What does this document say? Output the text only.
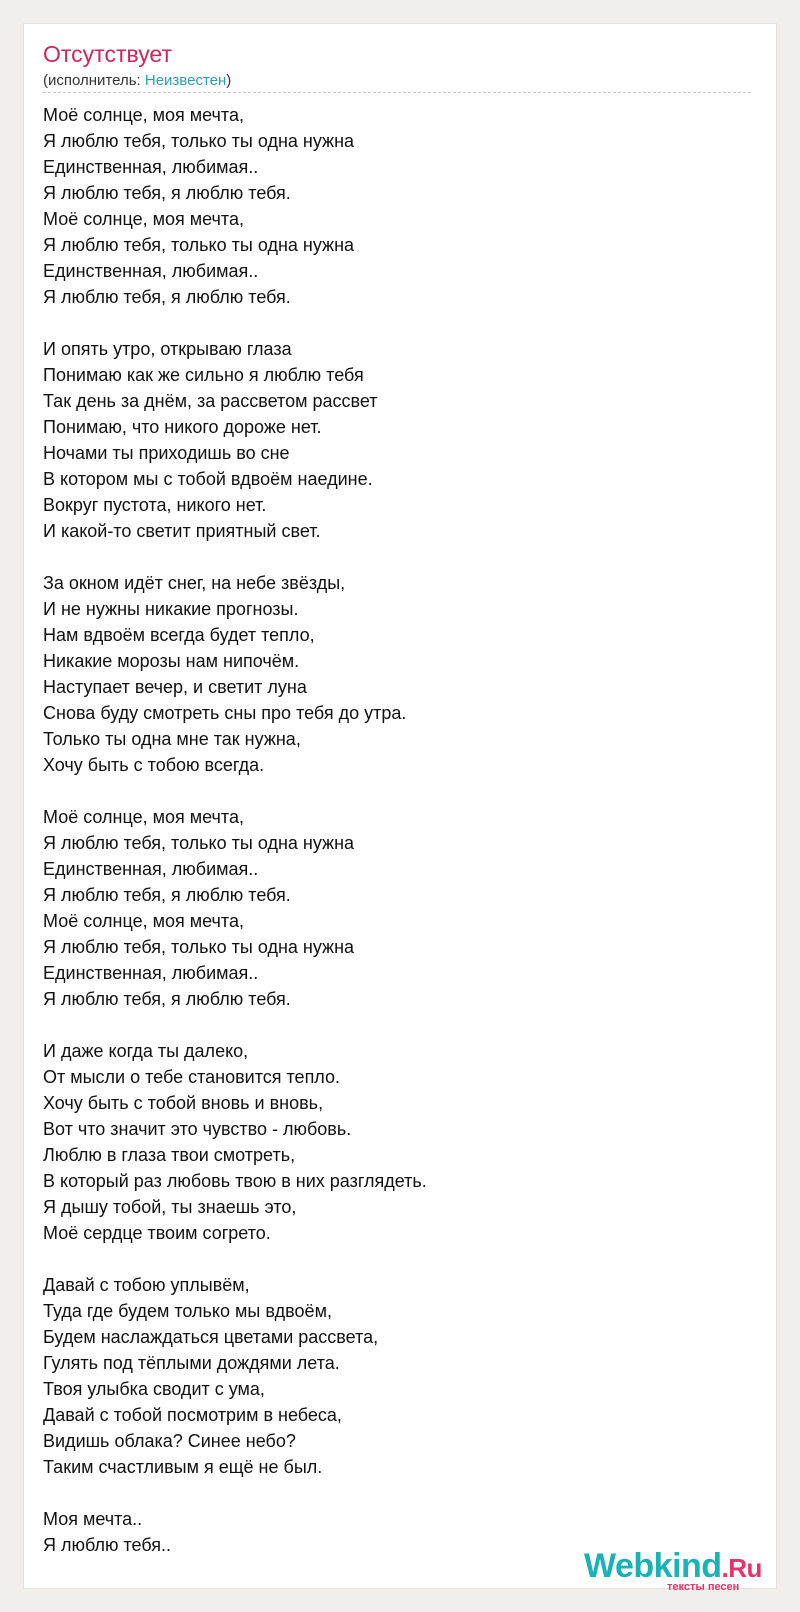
Отсутствует
(исполнитель: Неизвестен)
Моё солнце, моя мечта,
Я люблю тебя, только ты одна нужна
Единственная, любимая..
Я люблю тебя, я люблю тебя.
Моё солнце, моя мечта,
Я люблю тебя, только ты одна нужна
Единственная, любимая..
Я люблю тебя, я люблю тебя.
И опять утро, открываю глаза
Понимаю как же сильно я люблю тебя
Так день за днём, за рассветом рассвет
Понимаю, что никого дороже нет.
Ночами ты приходишь во сне
В котором мы с тобой вдвоём наедине.
Вокруг пустота, никого нет.
И какой-то светит приятный свет.
За окном идёт снег, на небе звёзды,
И не нужны никакие прогнозы.
Нам вдвоём всегда будет тепло,
Никакие морозы нам нипочём.
Наступает вечер, и светит луна
Снова буду смотреть сны про тебя до утра.
Только ты одна мне так нужна,
Хочу быть с тобою всегда.
Моё солнце, моя мечта,
Я люблю тебя, только ты одна нужна
Единственная, любимая..
Я люблю тебя, я люблю тебя.
Моё солнце, моя мечта,
Я люблю тебя, только ты одна нужна
Единственная, любимая..
Я люблю тебя, я люблю тебя.
И даже когда ты далеко,
От мысли о тебе становится тепло.
Хочу быть с тобой вновь и вновь,
Вот что значит это чувство - любовь.
Люблю в глаза твои смотреть,
В который раз любовь твою в них разглядеть.
Я дышу тобой, ты знаешь это,
Моё сердце твоим согрето.
Давай с тобою уплывём,
Туда где будем только мы вдвоём,
Будем наслаждаться цветами рассвета,
Гулять под тёплыми дождями лета.
Твоя улыбка сводит с ума,
Давай с тобой посмотрим в небеса,
Видишь облака? Синее небо?
Таким счастливым я ещё не был.
Моя мечта..
Я люблю тебя..
Webkind.Ru
тексты песен
